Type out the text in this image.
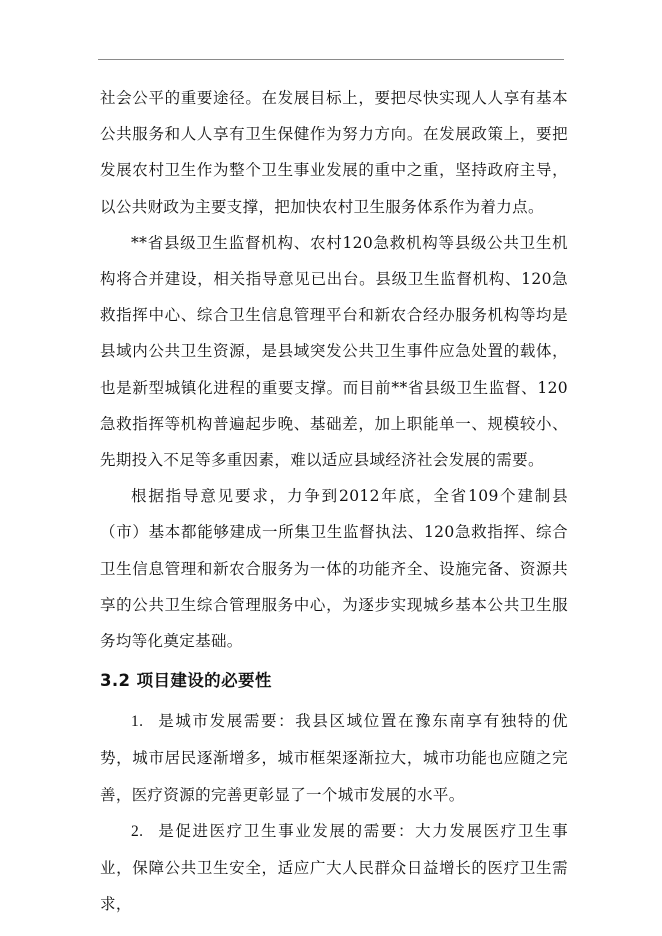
社会公平的重要途径。在发展目标上，要把尽快实现人人享有基本公共服务和人人享有卫生保健作为努力方向。在发展政策上，要把发展农村卫生作为整个卫生事业发展的重中之重，坚持政府主导，以公共财政为主要支撑，把加快农村卫生服务体系作为着力点。

**省县级卫生监督机构、农村120急救机构等县级公共卫生机构将合并建设，相关指导意见已出台。县级卫生监督机构、120急救指挥中心、综合卫生信息管理平台和新农合经办服务机构等均是县域内公共卫生资源，是县域突发公共卫生事件应急处置的载体，也是新型城镇化进程的重要支撑。而目前**省县级卫生监督、120急救指挥等机构普遍起步晚、基础差，加上职能单一、规模较小、先期投入不足等多重因素，难以适应县域经济社会发展的需要。

根据指导意见要求，力争到2012年底，全省109个建制县（市）基本都能够建成一所集卫生监督执法、120急救指挥、综合卫生信息管理和新农合服务为一体的功能齐全、设施完备、资源共享的公共卫生综合管理服务中心，为逐步实现城乡基本公共卫生服务均等化奠定基础。

3.2 项目建设的必要性

1. 是城市发展需要：我县区域位置在豫东南享有独特的优势，城市居民逐渐增多，城市框架逐渐拉大，城市功能也应随之完善，医疗资源的完善更彰显了一个城市发展的水平。

2. 是促进医疗卫生事业发展的需要：大力发展医疗卫生事业，保障公共卫生安全，适应广大人民群众日益增长的医疗卫生需求，
